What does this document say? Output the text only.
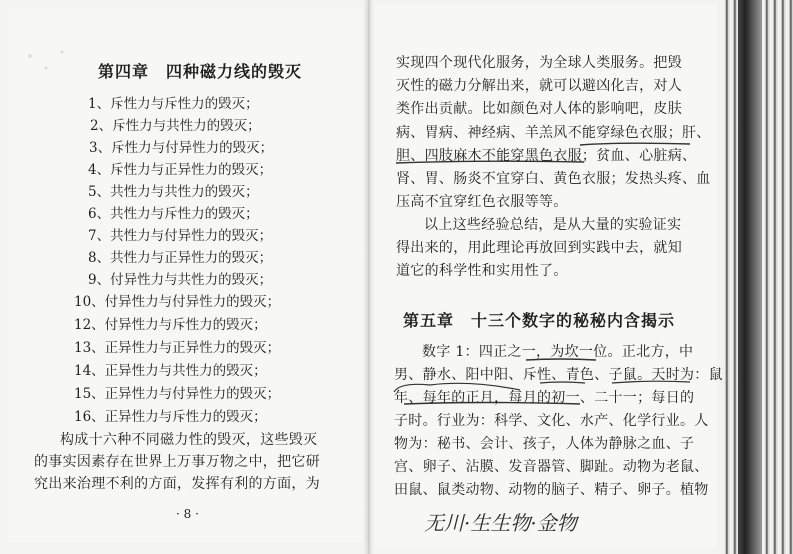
第四章　四种磁力线的毁灭
1、斥性力与斥性力的毁灭；
2、斥性力与共性力的毁灭；
3、斥性力与付异性力的毁灭；
4、斥性力与正异性力的毁灭；
5、共性力与共性力的毁灭；
6、共性力与斥性力的毁灭；
7、共性力与付异性力的毁灭；
8、共性力与正异性力的毁灭；
9、付异性力与共性力的毁灭；
10、付异性力与付异性力的毁灭；
12、付异性力与斥性力的毁灭；
13、正异性力与正异性力的毁灭；
14、正异性力与共性力的毁灭；
15、正异性力与付异性力的毁灭；
16、正异性力与斥性力的毁灭；
构成十六种不同磁力性的毁灭，这些毁灭
的事实因素存在世界上万事万物之中，把它研
究出来治理不利的方面，发挥有利的方面，为
· 8 ·
实现四个现代化服务，为全球人类服务。把毁
灭性的磁力分解出来，就可以避凶化吉，对人
类作出贡献。比如颜色对人体的影响吧，皮肤
病、胃病、神经病、羊羔风不能穿绿色衣服；肝、
胆、四肢麻木不能穿黑色衣服；贫血、心脏病、
肾、胃、肠炎不宜穿白、黄色衣服；发热头疼、血
压高不宜穿红色衣服等等。
以上这些经验总结，是从大量的实验证实
得出来的，用此理论再放回到实践中去，就知
道它的科学性和实用性了。
第五章　十三个数字的秘秘内含揭示
数字 1：四正之一，为坎一位。正北方，中
男、静水、阳中阳、斥性、青色、子鼠。天时为：鼠
年、每年的正月，每月的初一、二十一；每日的
子时。行业为：科学、文化、水产、化学行业。人
物为：秘书、会计、孩子，人体为静脉之血、子
宫、卵子、沾膜、发音器管、脚趾。动物为老鼠、
田鼠、鼠类动物、动物的脑子、精子、卵子。植物
无川·生生物·金物
